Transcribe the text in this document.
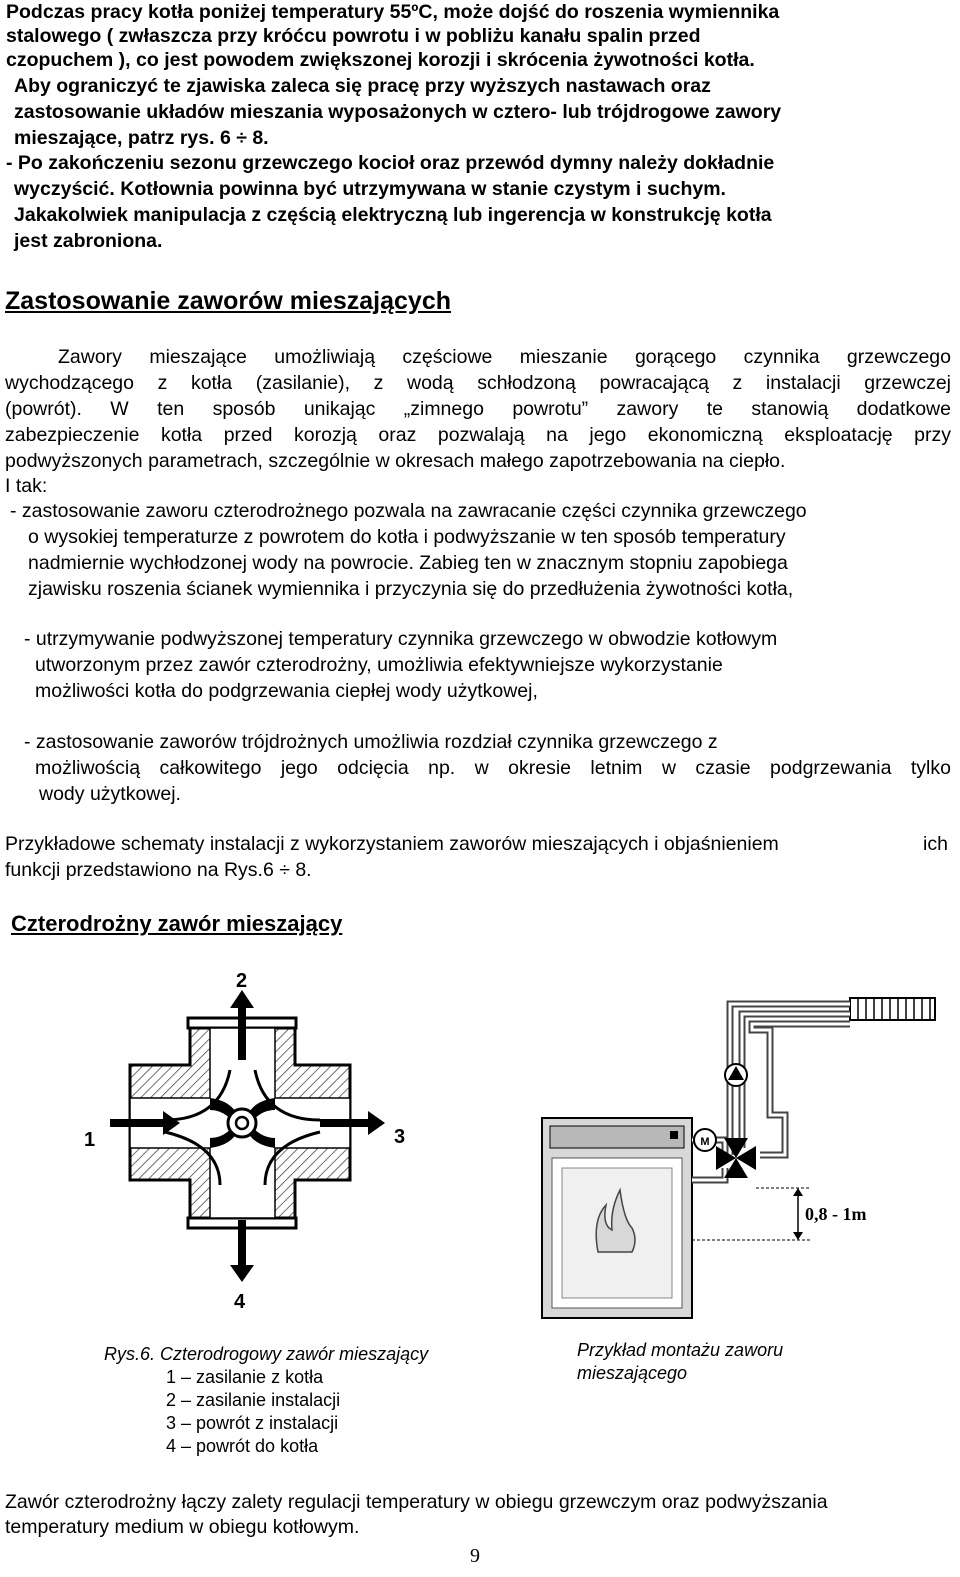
Podczas pracy kotła poniżej temperatury 55ºC, może dojść do roszenia wymiennika
stalowego ( zwłaszcza przy króćcu powrotu i w pobliżu kanału spalin przed
czopuchem ), co jest powodem zwiększonej korozji i skrócenia żywotności kotła.
Aby ograniczyć te zjawiska zaleca się pracę przy wyższych nastawach oraz
zastosowanie układów mieszania wyposażonych w cztero- lub trójdrogowe zawory
mieszające, patrz rys. 6 ÷ 8.
- Po zakończeniu sezonu grzewczego kocioł oraz przewód dymny należy dokładnie
wyczyścić. Kotłownia powinna być utrzymywana w stanie czystym i suchym.
Jakakolwiek manipulacja z częścią elektryczną lub ingerencja w konstrukcję kotła
jest zabroniona.
Zastosowanie zaworów mieszających
Zawory mieszające umożliwiają częściowe mieszanie gorącego czynnika grzewczego
wychodzącego z kotła (zasilanie), z wodą schłodzoną powracającą z instalacji grzewczej
(powrót). W ten sposób unikając „zimnego powrotu” zawory te stanowią dodatkowe
zabezpieczenie kotła przed korozją oraz pozwalają na jego ekonomiczną eksploatację przy
podwyższonych parametrach, szczególnie w okresach małego zapotrzebowania na ciepło.
I tak:
- zastosowanie zaworu czterodrożnego pozwala na zawracanie części czynnika grzewczego
o wysokiej temperaturze z powrotem do kotła i podwyższanie w ten sposób temperatury
nadmiernie wychłodzonej wody na powrocie. Zabieg ten w znacznym stopniu zapobiega
zjawisku roszenia ścianek wymiennika i przyczynia się do przedłużenia żywotności kotła,
- utrzymywanie podwyższonej temperatury czynnika grzewczego w obwodzie kotłowym
utworzonym przez zawór czterodrożny, umożliwia efektywniejsze wykorzystanie
możliwości kotła do podgrzewania ciepłej wody użytkowej,
- zastosowanie zaworów trójdrożnych umożliwia rozdział czynnika grzewczego z
możliwością całkowitego jego odcięcia np. w okresie letnim w czasie podgrzewania tylko
wody użytkowej.
Przykładowe schematy instalacji z wykorzystaniem zaworów mieszających i objaśnieniem	ich
funkcji przedstawiono na Rys.6 ÷ 8.
Czterodrożny zawór mieszający
2
1	3
4
M
0,8 - 1m
Rys.6. Czterodrogowy zawór mieszający
1 – zasilanie z kotła
2 – zasilanie instalacji
3 – powrót z instalacji
4 – powrót do kotła
Przykład montażu zaworu
mieszającego
Zawór czterodrożny łączy zalety regulacji temperatury w obiegu grzewczym oraz podwyższania
temperatury medium w obiegu kotłowym.
9
